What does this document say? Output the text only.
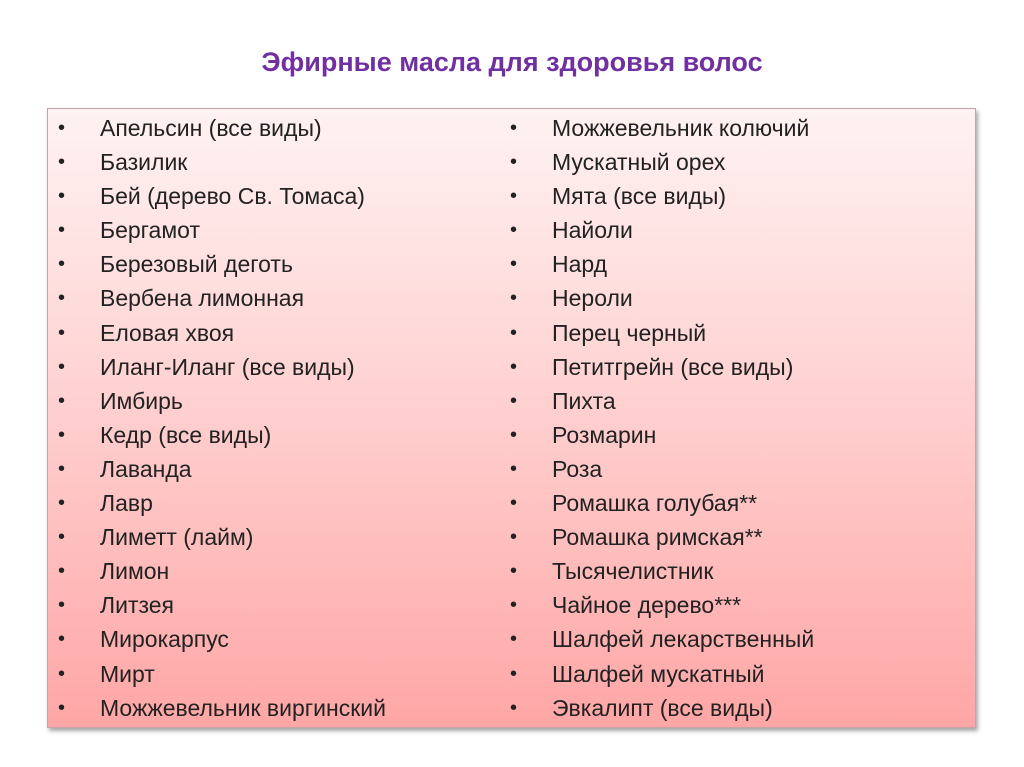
Эфирные масла для здоровья волос
•	Апельсин (все виды)
•	Базилик
•	Бей (дерево Св. Томаса)
•	Бергамот
•	Березовый деготь
•	Вербена лимонная
•	Еловая хвоя
•	Иланг-Иланг (все виды)
•	Имбирь
•	Кедр (все виды)
•	Лаванда
•	Лавр
•	Лиметт (лайм)
•	Лимон
•	Литзея
•	Мирокарпус
•	Мирт
•	Можжевельник виргинский
•	Можжевельник колючий
•	Мускатный орех
•	Мята (все виды)
•	Найоли
•	Нард
•	Нероли
•	Перец черный
•	Петитгрейн (все виды)
•	Пихта
•	Розмарин
•	Роза
•	Ромашка голубая**
•	Ромашка римская**
•	Тысячелистник
•	Чайное дерево***
•	Шалфей лекарственный
•	Шалфей мускатный
•	Эвкалипт (все виды)
